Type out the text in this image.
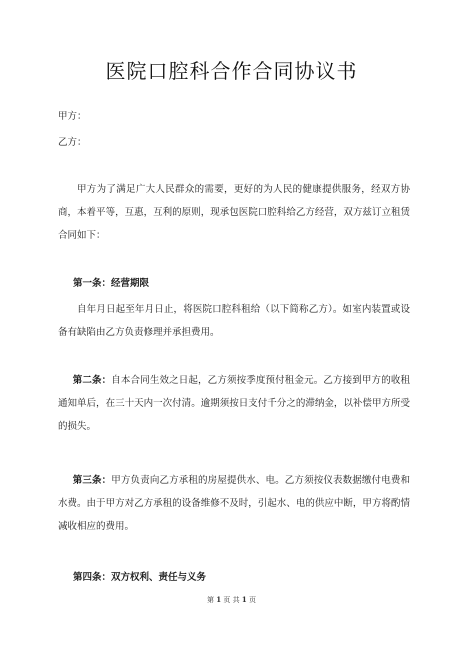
医院口腔科合作合同协议书
甲方：
乙方：
甲方为了满足广大人民群众的需要，更好的为人民的健康提供服务，经双方协商，本着平等，互惠，互利的原则，现承包医院口腔科给乙方经营，双方兹订立租赁合同如下：
第一条：经营期限
自年月日起至年月日止，将医院口腔科租给（以下简称乙方）。如室内装置或设备有缺陷由乙方负责修理并承担费用。
第二条：自本合同生效之日起，乙方须按季度预付租金元。乙方接到甲方的收租通知单后，在三十天内一次付清。逾期须按日支付千分之的滞纳金，以补偿甲方所受的损失。
第三条：甲方负责向乙方承租的房屋提供水、电。乙方须按仪表数据缴付电费和水费。由于甲方对乙方承租的设备维修不及时，引起水、电的供应中断，甲方将酌情减收相应的费用。
第四条：双方权利、责任与义务
第 1 页 共 1 页
